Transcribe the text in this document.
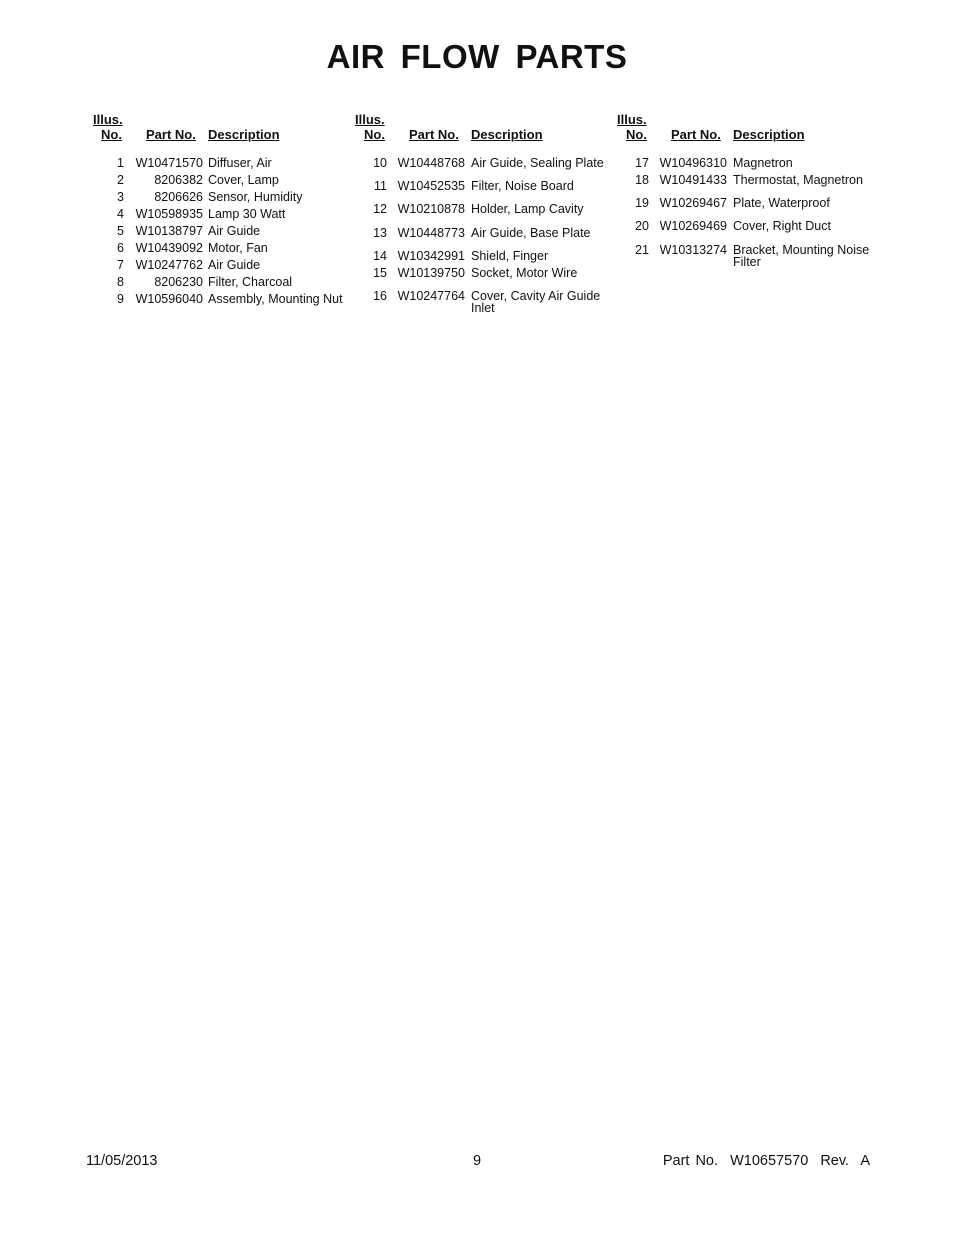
AIR FLOW PARTS
Illus.
No. Part No. Description
1 W10471570 Diffuser, Air
2	8206382 Cover, Lamp
3	8206626 Sensor, Humidity
4 W10598935 Lamp 30 Watt
5 W10138797 Air Guide
6 W10439092 Motor, Fan
7 W10247762 Air Guide
8	8206230 Filter, Charcoal
9 W10596040 Assembly, Mounting Nut
Illus.
No. Part No. Description
10 W10448768 Air Guide, Sealing Plate
11 W10452535 Filter, Noise Board
12 W10210878 Holder, Lamp Cavity
13 W10448773 Air Guide, Base Plate
14 W10342991 Shield, Finger
15 W10139750 Socket, Motor Wire
16 W10247764 Cover, Cavity Air Guide Inlet
Illus.
No. Part No. Description
17 W10496310 Magnetron
18 W10491433 Thermostat, Magnetron
19 W10269467 Plate, Waterproof
20 W10269469 Cover, Right Duct
21 W10313274 Bracket, Mounting Noise Filter
11/05/2013	9	Part No.  W10657570  Rev.  A
